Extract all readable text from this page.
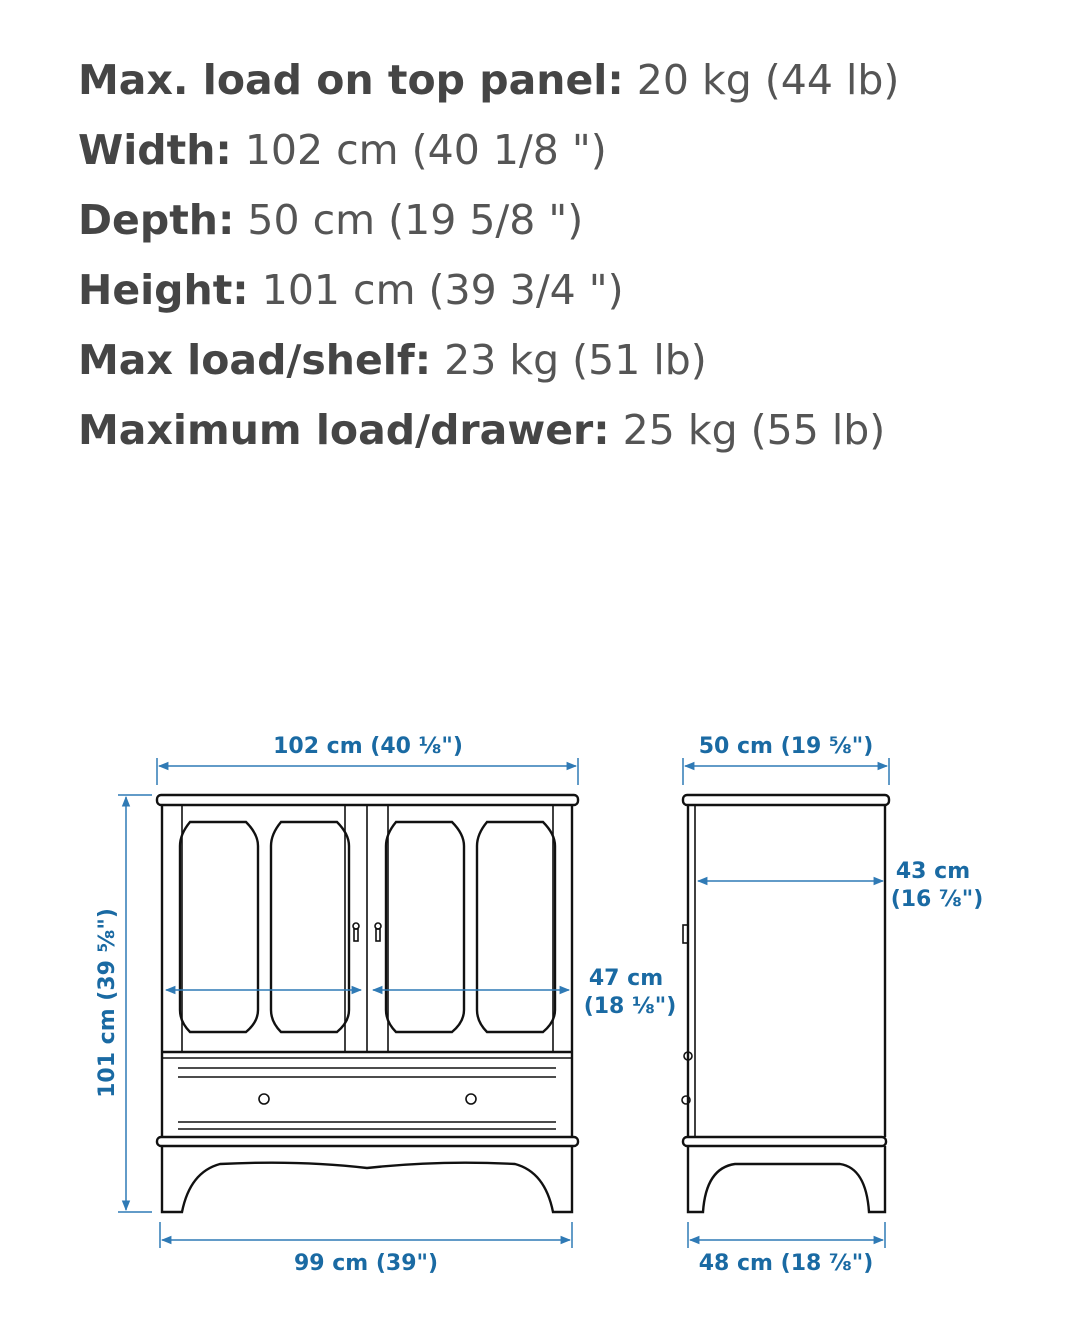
Max. load on top panel: 20 kg (44 lb)
Width: 102 cm (40 1/8 ")
Depth: 50 cm (19 5/8 ")
Height: 101 cm (39 3/4 ")
Max load/shelf: 23 kg (51 lb)
Maximum load/drawer: 25 kg (55 lb)
102 cm (40 ⅛")
101 cm (39 ⅝")	47 cm
(18 ⅛")
99 cm (39")
50 cm (19 ⅝")
43 cm
(16 ⅞")
48 cm (18 ⅞")
